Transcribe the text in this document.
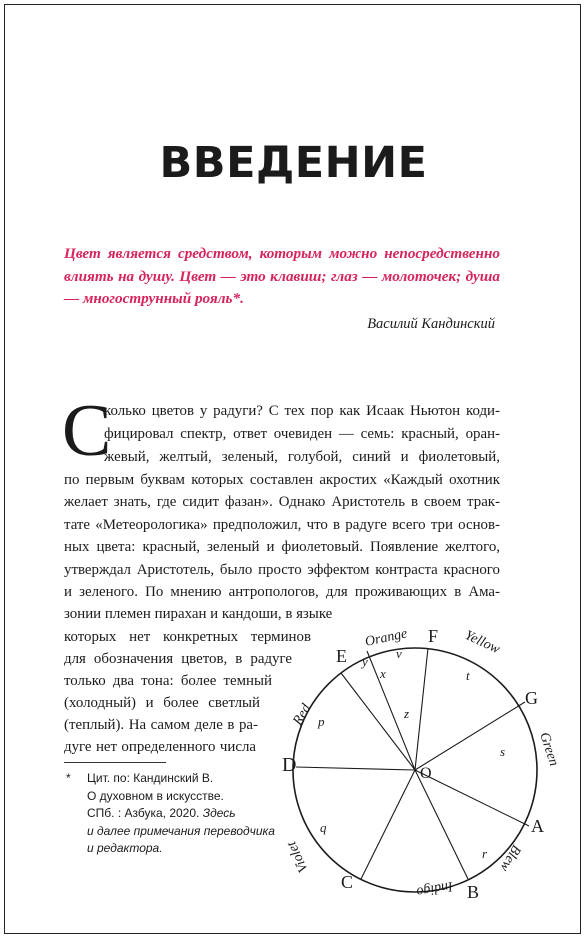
ВВЕДЕНИЕ

Цвет является средством, которым можно непосредственно влиять на душу. Цвет — это клавиш; глаз — молоточек; душа — многострунный рояль*.

Василий Кандинский
С
колько цветов у радуги? С тех пор как Исаак Ньютон коди-
фицировал спектр, ответ очевиден — семь: красный, оран-
жевый, желтый, зеленый, голубой, синий и фиолетовый,
по первым буквам которых составлен акростих «Каждый охотник
желает знать, где сидит фазан». Однако Аристотель в своем трак-
тате «Метеорологика» предположил, что в радуге всего три основ-
ных цвета: красный, зеленый и фиолетовый. Появление желтого,
утверждал Аристотель, было просто эффектом контраста красного
и зеленого. По мнению антропологов, для проживающих в Ама-
зонии племен пирахан и кандоши, в языке
которых нет конкретных терминов
для обозначения цветов, в радуге
только два тона: более темный
(холодный) и более светлый
(теплый). На самом деле в ра-
дуге нет определенного числа
* Цит. по: Кандинский В.
О духовном в искусстве.
СПб. : Азбука, 2020. Здесь
и далее примечания переводчика
и редактора.
D
E
F
G
A
B
C
Red
Orange	Yellow
Green
Blew
Indigo
Violet
O
z
x
y
v
t
p
s
r
q
